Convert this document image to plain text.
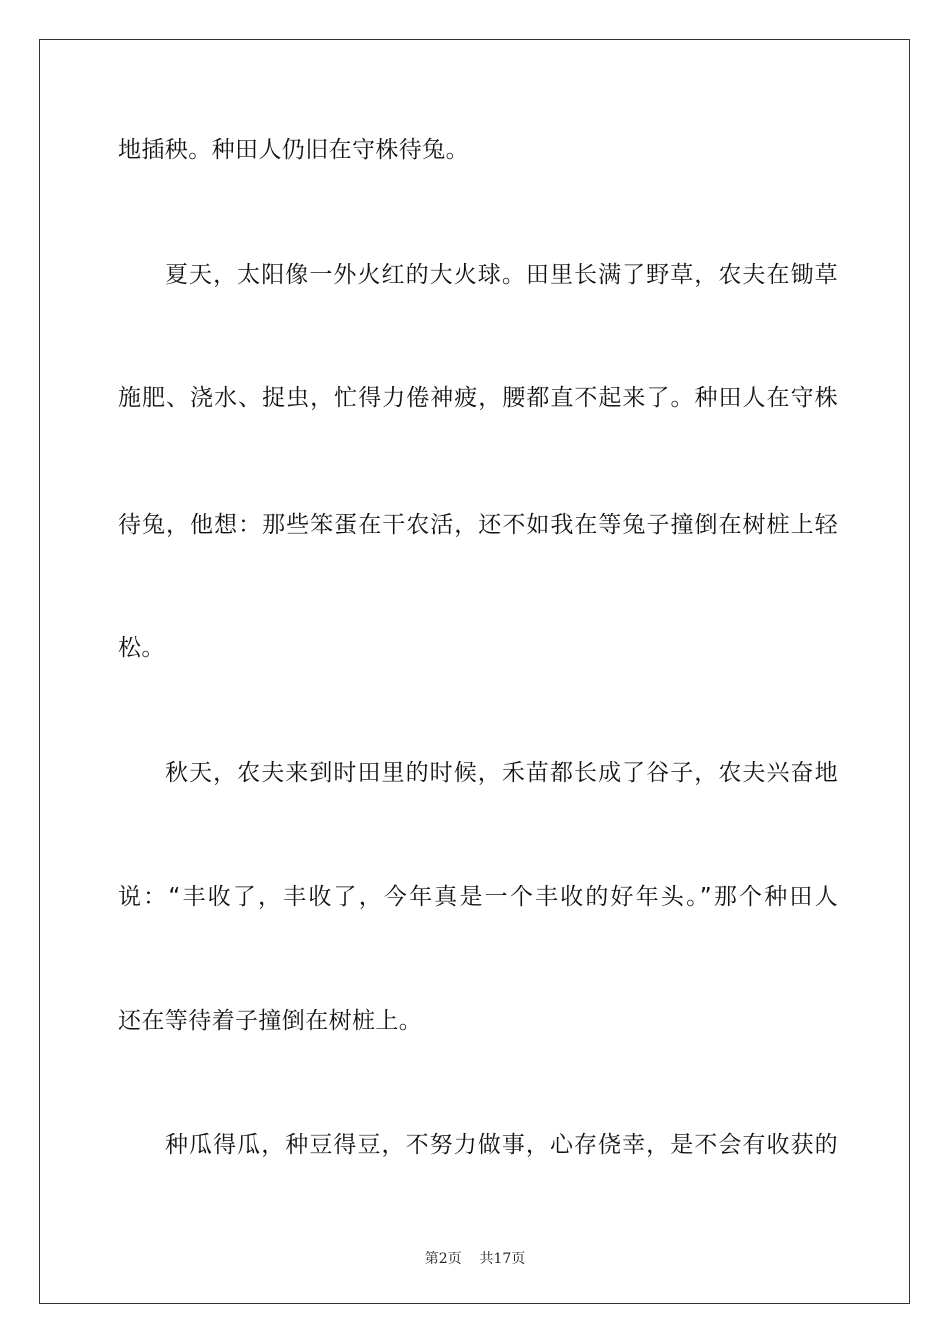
地插秧。种田人仍旧在守株待兔。
夏天，太阳像一外火红的大火球。田里长满了野草，农夫在锄草
施肥、浇水、捉虫，忙得力倦神疲，腰都直不起来了。种田人在守株
待兔，他想：那些笨蛋在干农活，还不如我在等兔子撞倒在树桩上轻
松。
秋天，农夫来到时田里的时候，禾苗都长成了谷子，农夫兴奋地
说：“丰收了，丰收了，今年真是一个丰收的好年头。”那个种田人
还在等待着子撞倒在树桩上。
种瓜得瓜，种豆得豆，不努力做事，心存侥幸，是不会有收获的
第2页 共17页
